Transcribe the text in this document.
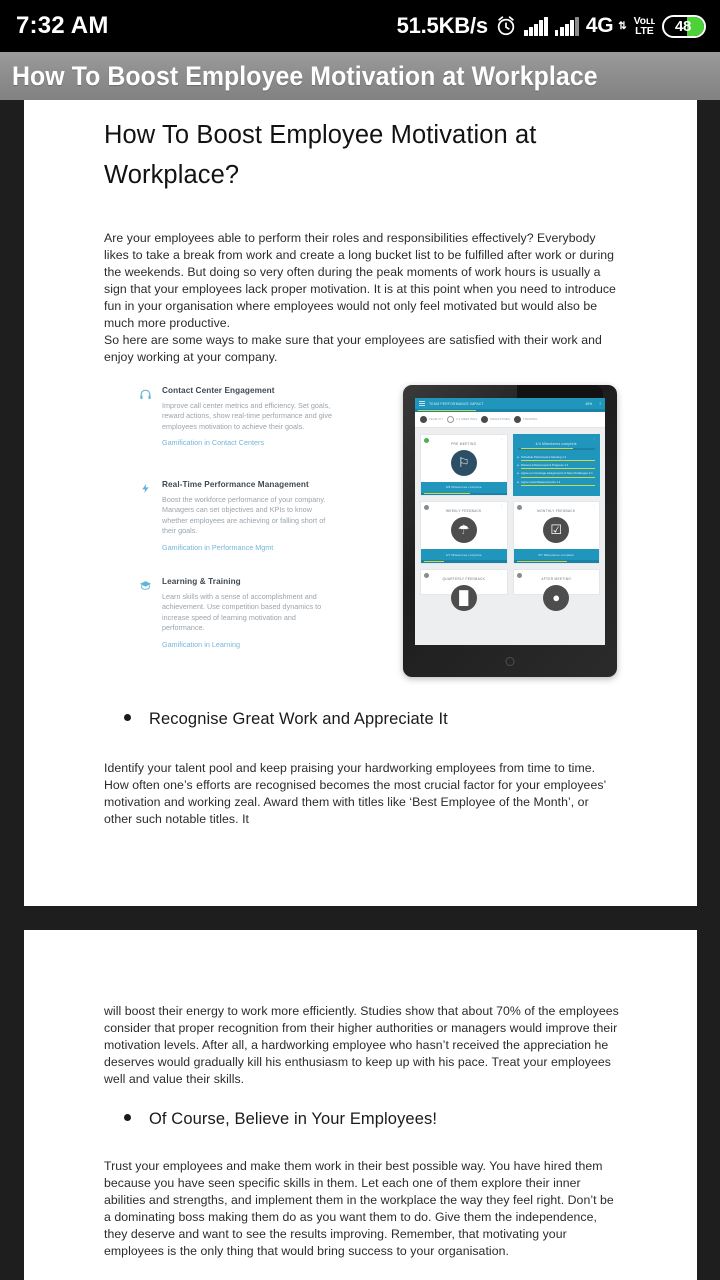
7:32 AM	51.5KB/s	4G ⇅ Voʟʟ
LTE	48
How To Boost Employee Motivation at Workplace
How To Boost Employee Motivation at Workplace?

Are your employees able to perform their roles and responsibilities effectively? Everybody likes to take a break from work and create a long bucket list to be fulfilled after work or during the weekends. But doing so very often during the peak moments of work hours is usually a sign that your employees lack proper motivation. It is at this point when you need to introduce fun in your organisation where employees would not only feel motivated but would also be much more productive.

So here are some ways to make sure that your employees are satisfied with their work and enjoy working at your company.

Contact Center Engagement
Improve call center metrics and efficiency. Set goals, reward actions, show real-time performance and give employees motivation to achieve their goals.
Gamification in Contact Centers
Real-Time Performance Management
Boost the workforce performance of your company. Managers can set objectives and KPIs to know whether employees are achieving or falling short of their goals.
Gamification in Performance Mgmt
Learning & Training
Learn skills with a sense of accomplishment and achievement. Use competition based dynamics to increase speed of learning motivation and performance.
Gamification in Learning
TEAM PERFORMANCE IMPACT	45% ?
TEAM KIT	1:1 MEETINGS	MILESTONES	TRAINING
⋮
PRE MEETING
⚐
0/8 Milestones complete
⋮
4/4 Milestones complete
▸ Schedule Performance Meeting 1:1
▸ Discuss Achievement & Progress 1:1
▸ Agree on Coverage Assignments & New Challenges 1:1
▸ Agree Goal Measurements 1:1
⋮
WEEKLY FEEDBACK
☂
2/7 Milestones complete
⋮
MONTHLY FEEDBACK
☑
6/7 Milestones complete
⋮
QUARTERLY FEEDBACK
█
⋮
AFTER MEETING
●
Recognise Great Work and Appreciate It

Identify your talent pool and keep praising your hardworking employees from time to time. How often one’s efforts are recognised becomes the most crucial factor for your employees’ motivation and working zeal. Award them with titles like ‘Best Employee of the Month’, or other such notable titles. It

will boost their energy to work more efficiently. Studies show that about 70% of the employees consider that proper recognition from their higher authorities or managers would improve their motivation levels. After all, a hardworking employee who hasn’t received the appreciation he deserves would gradually kill his enthusiasm to keep up with his pace. Treat your employees well and value their skills.

Of Course, Believe in Your Employees!

Trust your employees and make them work in their best possible way. You have hired them because you have seen specific skills in them. Let each one of them explore their inner abilities and strengths, and implement them in the workplace the way they feel right. Don’t be a dominating boss making them do as you want them to do. Give them the independence, they deserve and want to see the results improving. Remember, that motivating your employees is the only thing that would bring success to your organisation.
